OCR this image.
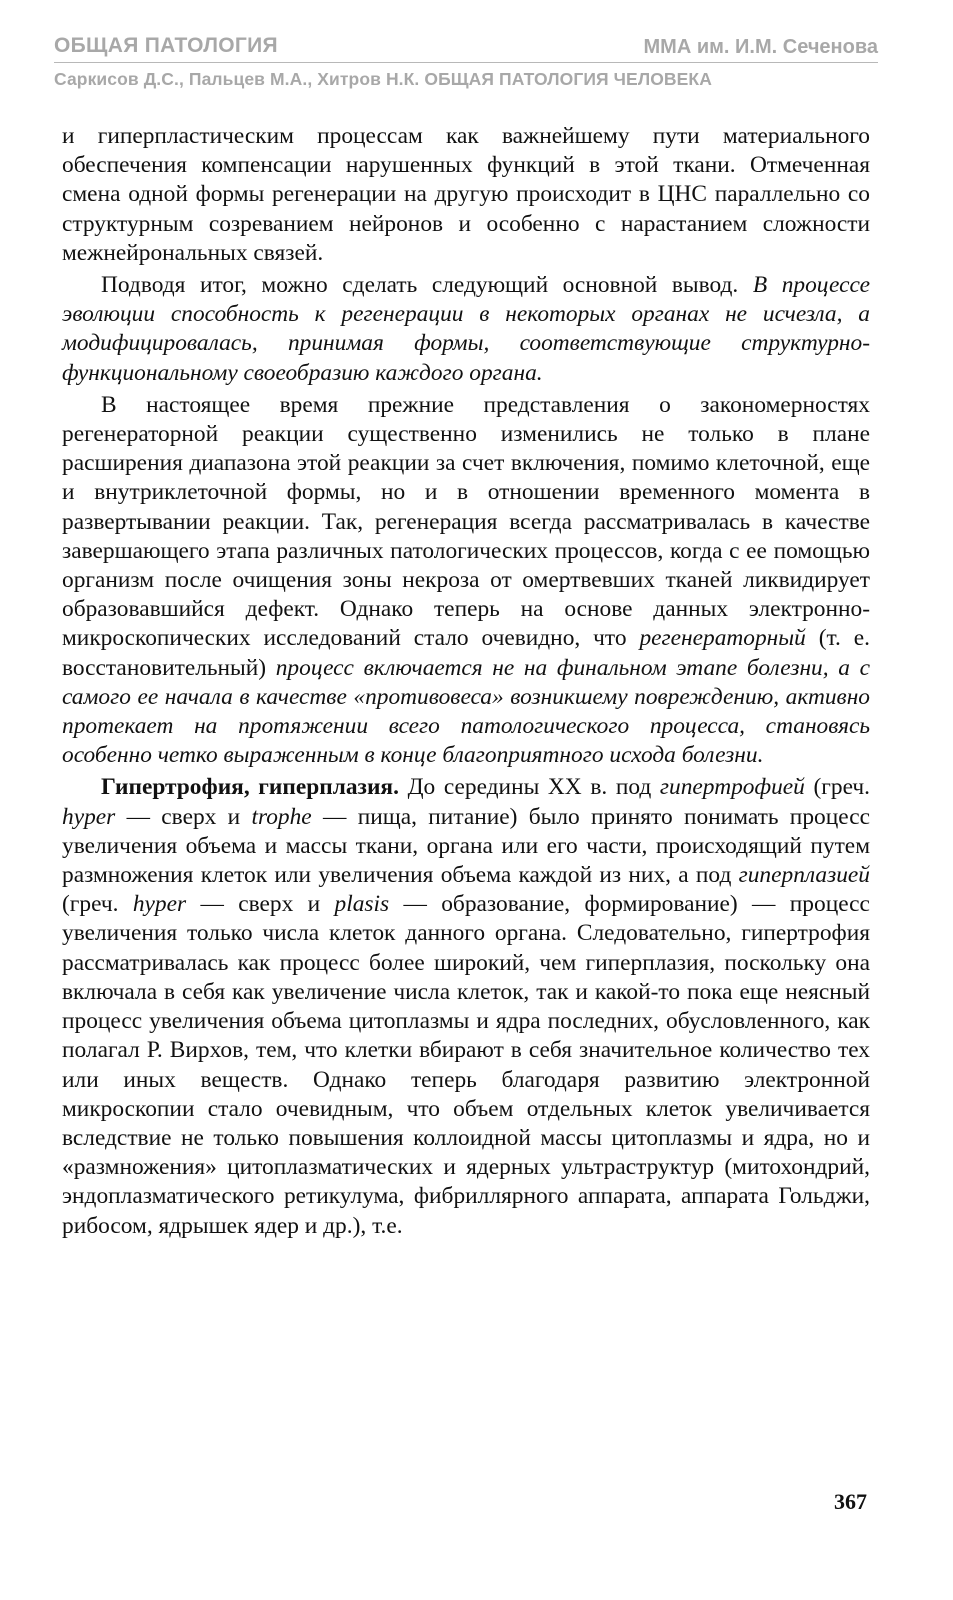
ОБЩАЯ ПАТОЛОГИЯ	ММА им. И.М. Сеченова
Саркисов Д.С., Пальцев М.А., Хитров Н.К. ОБЩАЯ ПАТОЛОГИЯ ЧЕЛОВЕКА

и гиперпластическим процессам как важнейшему пути материального обеспечения компенсации нарушенных функций в этой ткани. Отмеченная смена одной формы регенерации на другую происходит в ЦНС параллельно со структурным созреванием нейронов и особенно с нарастанием сложности межнейрональных связей.

Подводя итог, можно сделать следующий основной вывод. В процессе эволюции способность к регенерации в некоторых органах не исчезла, а модифицировалась, принимая формы, соответствующие структурно-функциональному своеобразию каждого органа.

В настоящее время прежние представления о закономерностях регенераторной реакции существенно изменились не только в плане расширения диапазона этой реакции за счет включения, помимо клеточной, еще и внутриклеточной формы, но и в отношении временного момента в развертывании реакции. Так, регенерация всегда рассматривалась в качестве завершающего этапа различных патологических процессов, когда с ее помощью организм после очищения зоны некроза от омертвевших тканей ликвидирует образовавшийся дефект. Однако теперь на основе данных электронно-микроскопических исследований стало очевидно, что регенераторный (т. е. восстановительный) процесс включается не на финальном этапе болезни, а с самого ее начала в качестве «противовеса» возникшему повреждению, активно протекает на протяжении всего патологического процесса, становясь особенно четко выраженным в конце благоприятного исхода болезни.

Гипертрофия, гиперплазия. До середины XX в. под гипертрофией (греч. hyper — сверх и trophe — пища, питание) было принято понимать процесс увеличения объема и массы ткани, органа или его части, происходящий путем размножения клеток или увеличения объема каждой из них, а под гиперплазией (греч. hyper — сверх и plasis — образование, формирование) — процесс увеличения только числа клеток данного органа. Следовательно, гипертрофия рассматривалась как процесс более широкий, чем гиперплазия, поскольку она включала в себя как увеличение числа клеток, так и какой-то пока еще неясный процесс увеличения объема цитоплазмы и ядра последних, обусловленного, как полагал Р. Вирхов, тем, что клетки вбирают в себя значительное количество тех или иных веществ. Однако теперь благодаря развитию электронной микроскопии стало очевидным, что объем отдельных клеток увеличивается вследствие не только повышения коллоидной массы цитоплазмы и ядра, но и «размножения» цитоплазматических и ядерных ультраструктур (митохондрий, эндоплазматического ретикулума, фибриллярного аппарата, аппарата Гольджи, рибосом, ядрышек ядер и др.), т.е.

367
